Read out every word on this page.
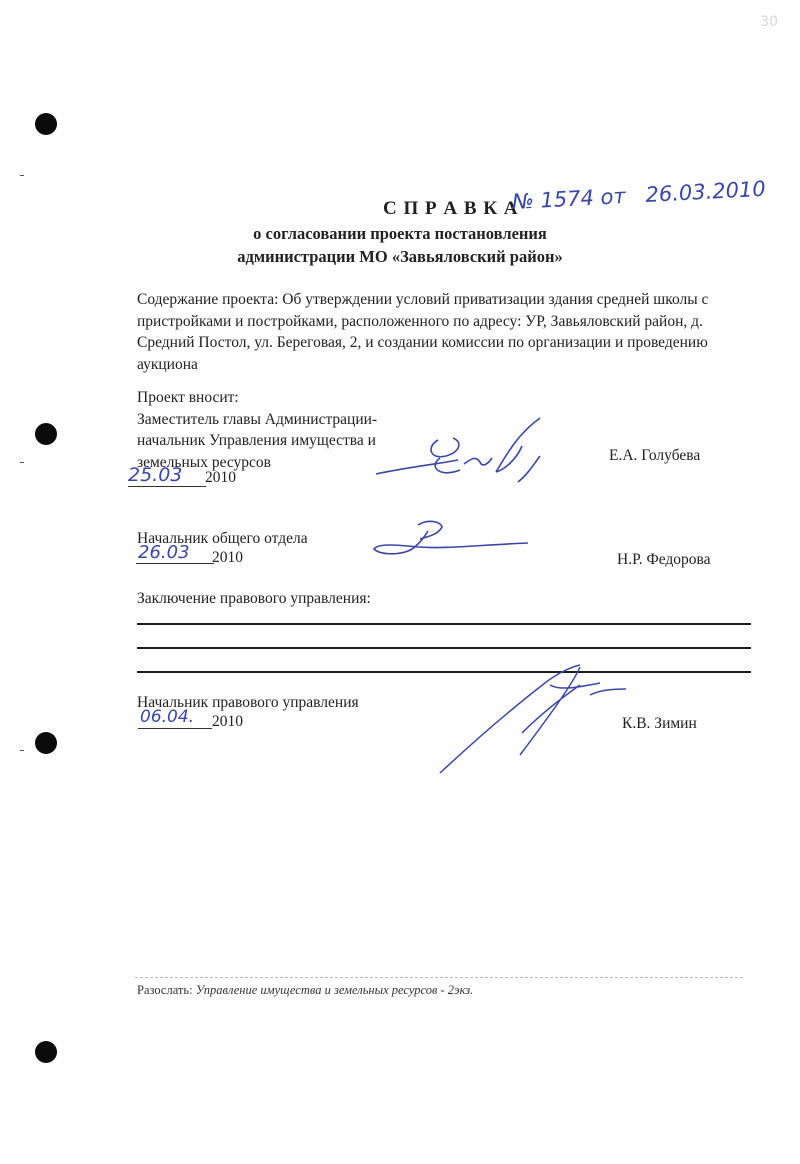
30
С П Р А В К А
№ 1574 от   26.03.2010
о согласовании проекта постановления
администрации МО «Завьяловский район»
Содержание проекта: Об утверждении условий приватизации здания средней школы с
пристройками и постройками, расположенного по адресу: УР, Завьяловский район, д.
Средний Постол, ул. Береговая, 2, и создании комиссии по организации и проведению
аукциона
Проект вносит:
Заместитель главы Администрации-
начальник Управления имущества и
земельных ресурсов
25.03 2010
Е.А. Голубева
Начальник общего отдела
26.03 2010	Н.Р. Федорова
Заключение правового управления:
Начальник правового управления
06.04. 2010	К.В. Зимин
Разослать: Управление имущества и земельных ресурсов - 2экз.
